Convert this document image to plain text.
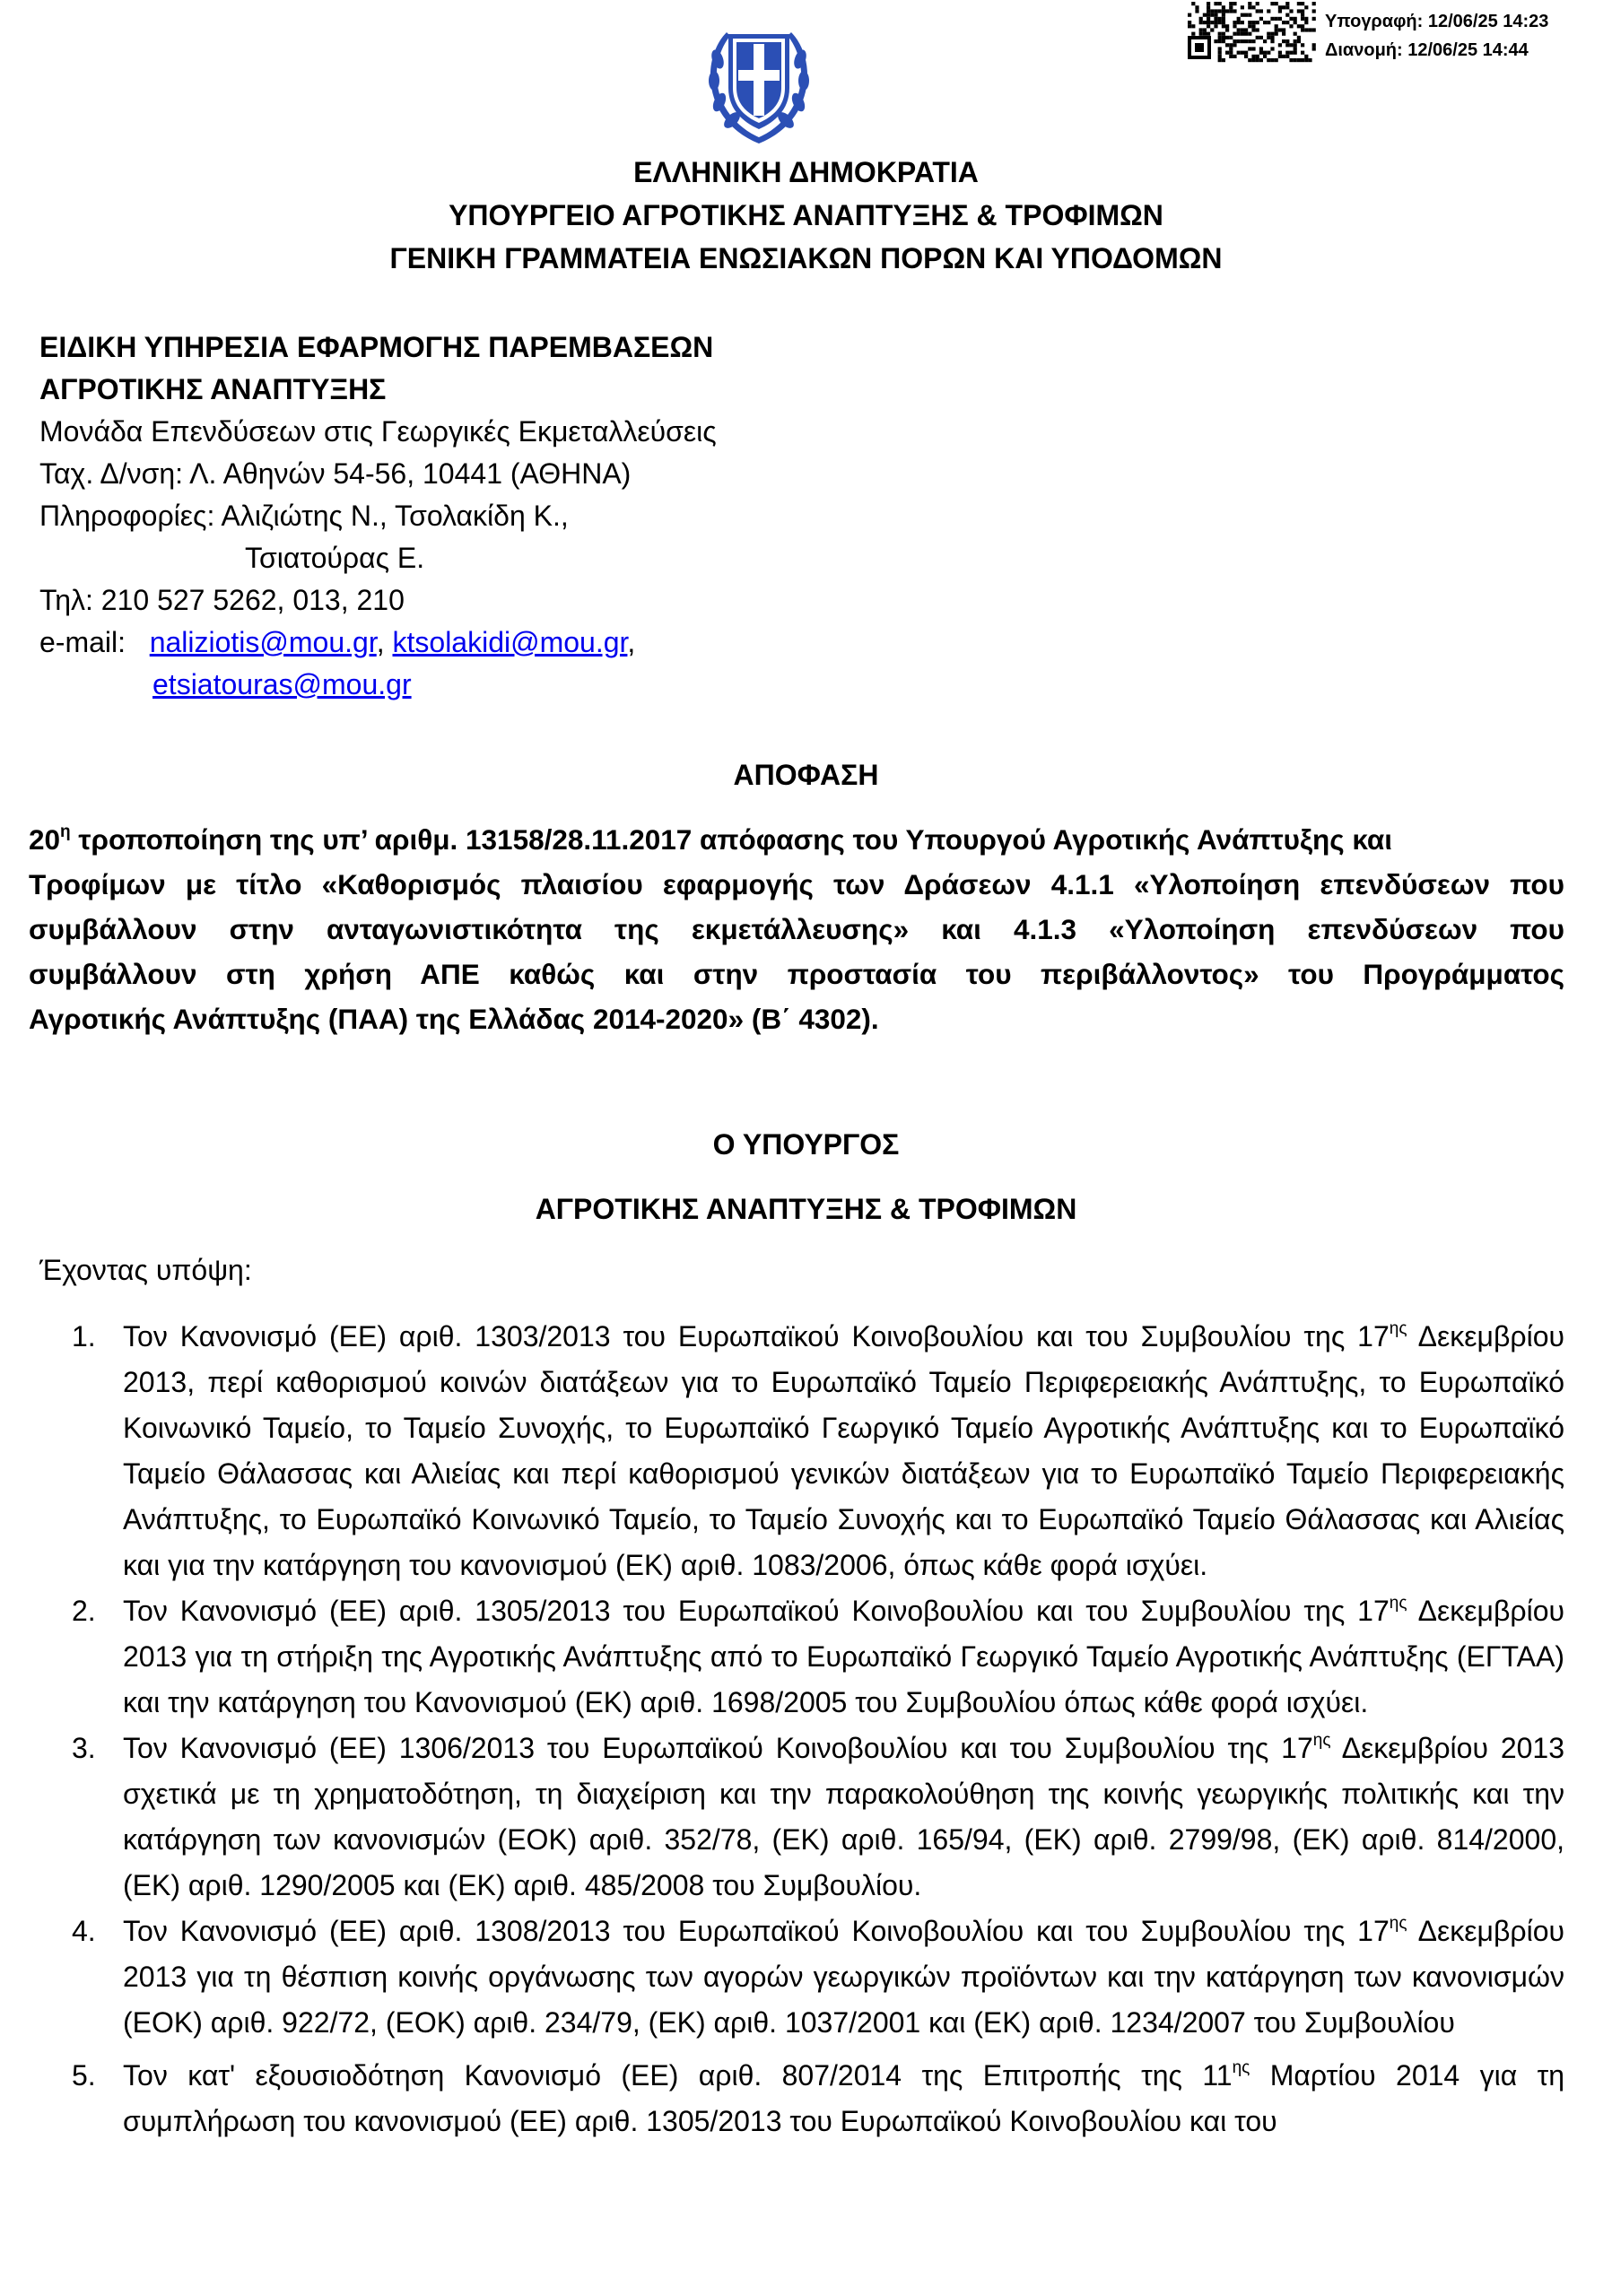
Υπογραφή: 12/06/25 14:23
Διανομή: 12/06/25 14:44
ΕΛΛΗΝΙΚΗ ΔΗΜΟΚΡΑΤΙΑ
ΥΠΟΥΡΓΕΙΟ ΑΓΡΟΤΙΚΗΣ ΑΝΑΠΤΥΞΗΣ & ΤΡΟΦΙΜΩΝ
ΓΕΝΙΚΗ ΓΡΑΜΜΑΤΕΙΑ ΕΝΩΣΙΑΚΩΝ ΠΟΡΩΝ ΚΑΙ ΥΠΟΔΟΜΩΝ
ΕΙΔΙΚΗ ΥΠΗΡΕΣΙΑ ΕΦΑΡΜΟΓΗΣ ΠΑΡΕΜΒΑΣΕΩΝ
ΑΓΡΟΤΙΚΗΣ ΑΝΑΠΤΥΞΗΣ
Μονάδα Επενδύσεων στις Γεωργικές Εκμεταλλεύσεις
Ταχ. Δ/νση: Λ. Αθηνών 54-56, 10441 (ΑΘΗΝΑ)
Πληροφορίες: Αλιζιώτης Ν., Τσολακίδη Κ.,
Τσιατούρας Ε.
Τηλ: 210 527 5262, 013, 210
e-mail: naliziotis@mou.gr, ktsolakidi@mou.gr,
etsiatouras@mou.gr
ΑΠΟΦΑΣΗ
$20^\eta$ τροποποίηση της υπ’ αριθμ. 13158/28.11.2017 απόφασης του Υπουργού Αγροτικής Ανάπτυξης και
Τροφίμων με τίτλο «Καθορισμός πλαισίου εφαρμογής των Δράσεων 4.1.1 «Υλοποίηση επενδύσεων που
συμβάλλουν στην ανταγωνιστικότητα της εκμετάλλευσης» και 4.1.3 «Υλοποίηση επενδύσεων που
συμβάλλουν στη χρήση ΑΠΕ καθώς και στην προστασία του περιβάλλοντος» του Προγράμματος
Αγροτικής Ανάπτυξης (ΠΑΑ) της Ελλάδας 2014-2020» (Β΄ 4302).
Ο ΥΠΟΥΡΓΟΣ
ΑΓΡΟΤΙΚΗΣ ΑΝΑΠΤΥΞΗΣ & ΤΡΟΦΙΜΩΝ
Έχοντας υπόψη:
1. Τον Κανονισμό (ΕΕ) αριθ. 1303/2013 του Ευρωπαϊκού Κοινοβουλίου και του Συμβουλίου της $17^{\eta\varsigma}$ Δεκεμβρίου 2013, περί καθορισμού κοινών διατάξεων για το Ευρωπαϊκό Ταμείο Περιφερειακής Ανάπτυξης, το Ευρωπαϊκό Κοινωνικό Ταμείο, το Ταμείο Συνοχής, το Ευρωπαϊκό Γεωργικό Ταμείο Αγροτικής Ανάπτυξης και το Ευρωπαϊκό Ταμείο Θάλασσας και Αλιείας και περί καθορισμού γενικών διατάξεων για το Ευρωπαϊκό Ταμείο Περιφερειακής Ανάπτυξης, το Ευρωπαϊκό Κοινωνικό Ταμείο, το Ταμείο Συνοχής και το Ευρωπαϊκό Ταμείο Θάλασσας και Αλιείας και για την κατάργηση του κανονισμού (ΕΚ) αριθ. 1083/2006, όπως κάθε φορά ισχύει.
2. Τον Κανονισμό (ΕΕ) αριθ. 1305/2013 του Ευρωπαϊκού Κοινοβουλίου και του Συμβουλίου της $17^{\eta\varsigma}$ Δεκεμβρίου 2013 για τη στήριξη της Αγροτικής Ανάπτυξης από το Ευρωπαϊκό Γεωργικό Ταμείο Αγροτικής Ανάπτυξης (ΕΓΤΑΑ) και την κατάργηση του Κανονισμού (ΕΚ) αριθ. 1698/2005 του Συμβουλίου όπως κάθε φορά ισχύει.
3. Τον Κανονισμό (ΕΕ) 1306/2013 του Ευρωπαϊκού Κοινοβουλίου και του Συμβουλίου της $17^{\eta\varsigma}$ Δεκεμβρίου 2013 σχετικά με τη χρηματοδότηση, τη διαχείριση και την παρακολούθηση της κοινής γεωργικής πολιτικής και την κατάργηση των κανονισμών (ΕΟΚ) αριθ. 352/78, (ΕΚ) αριθ. 165/94, (ΕΚ) αριθ. 2799/98, (ΕΚ) αριθ. 814/2000, (ΕΚ) αριθ. 1290/2005 και (ΕΚ) αριθ. 485/2008 του Συμβουλίου.
4. Τον Κανονισμό (ΕΕ) αριθ. 1308/2013 του Ευρωπαϊκού Κοινοβουλίου και του Συμβουλίου της $17^{\eta\varsigma}$ Δεκεμβρίου 2013 για τη θέσπιση κοινής οργάνωσης των αγορών γεωργικών προϊόντων και την κατάργηση των κανονισμών (ΕΟΚ) αριθ. 922/72, (ΕΟΚ) αριθ. 234/79, (ΕΚ) αριθ. 1037/2001 και (ΕΚ) αριθ. 1234/2007 του Συμβουλίου
5. Τον κατ' εξουσιοδότηση Κανονισμό (ΕΕ) αριθ. 807/2014 της Επιτροπής της $11^{\eta\varsigma}$ Μαρτίου 2014 για τη συμπλήρωση του κανονισμού (ΕΕ) αριθ. 1305/2013 του Ευρωπαϊκού Κοινοβουλίου και του
